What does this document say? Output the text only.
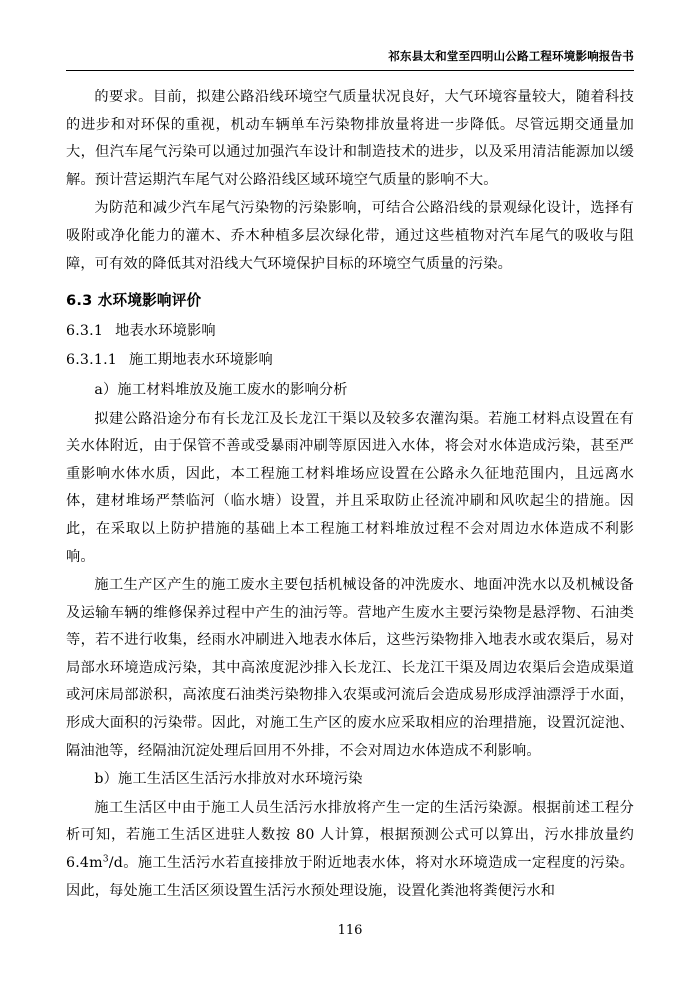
祁东县太和堂至四明山公路工程环境影响报告书

的要求。目前，拟建公路沿线环境空气质量状况良好，大气环境容量较大，随着科技的进步和对环保的重视，机动车辆单车污染物排放量将进一步降低。尽管远期交通量加大，但汽车尾气污染可以通过加强汽车设计和制造技术的进步，以及采用清洁能源加以缓解。预计营运期汽车尾气对公路沿线区域环境空气质量的影响不大。

为防范和减少汽车尾气污染物的污染影响，可结合公路沿线的景观绿化设计，选择有吸附或净化能力的灌木、乔木种植多层次绿化带，通过这些植物对汽车尾气的吸收与阻障，可有效的降低其对沿线大气环境保护目标的环境空气质量的污染。

6.3 水环境影响评价
6.3.1 地表水环境影响
6.3.1.1 施工期地表水环境影响

a）施工材料堆放及施工废水的影响分析

拟建公路沿途分布有长龙江及长龙江干渠以及较多农灌沟渠。若施工材料点设置在有关水体附近，由于保管不善或受暴雨冲刷等原因进入水体，将会对水体造成污染，甚至严重影响水体水质，因此，本工程施工材料堆场应设置在公路永久征地范围内，且远离水体，建材堆场严禁临河（临水塘）设置，并且采取防止径流冲刷和风吹起尘的措施。因此，在采取以上防护措施的基础上本工程施工材料堆放过程不会对周边水体造成不利影响。

施工生产区产生的施工废水主要包括机械设备的冲洗废水、地面冲洗水以及机械设备及运输车辆的维修保养过程中产生的油污等。营地产生废水主要污染物是悬浮物、石油类等，若不进行收集，经雨水冲刷进入地表水体后，这些污染物排入地表水或农渠后，易对局部水环境造成污染，其中高浓度泥沙排入长龙江、长龙江干渠及周边农渠后会造成渠道或河床局部淤积，高浓度石油类污染物排入农渠或河流后会造成易形成浮油漂浮于水面，形成大面积的污染带。因此，对施工生产区的废水应采取相应的治理措施，设置沉淀池、隔油池等，经隔油沉淀处理后回用不外排，不会对周边水体造成不利影响。

b）施工生活区生活污水排放对水环境污染

施工生活区中由于施工人员生活污水排放将产生一定的生活污染源。根据前述工程分析可知，若施工生活区进驻人数按 80 人计算，根据预测公式可以算出，污水排放量约 $6.4m^3/d$。施工生活污水若直接排放于附近地表水体，将对水环境造成一定程度的污染。因此，每处施工生活区须设置生活污水预处理设施，设置化粪池将粪便污水和

116
